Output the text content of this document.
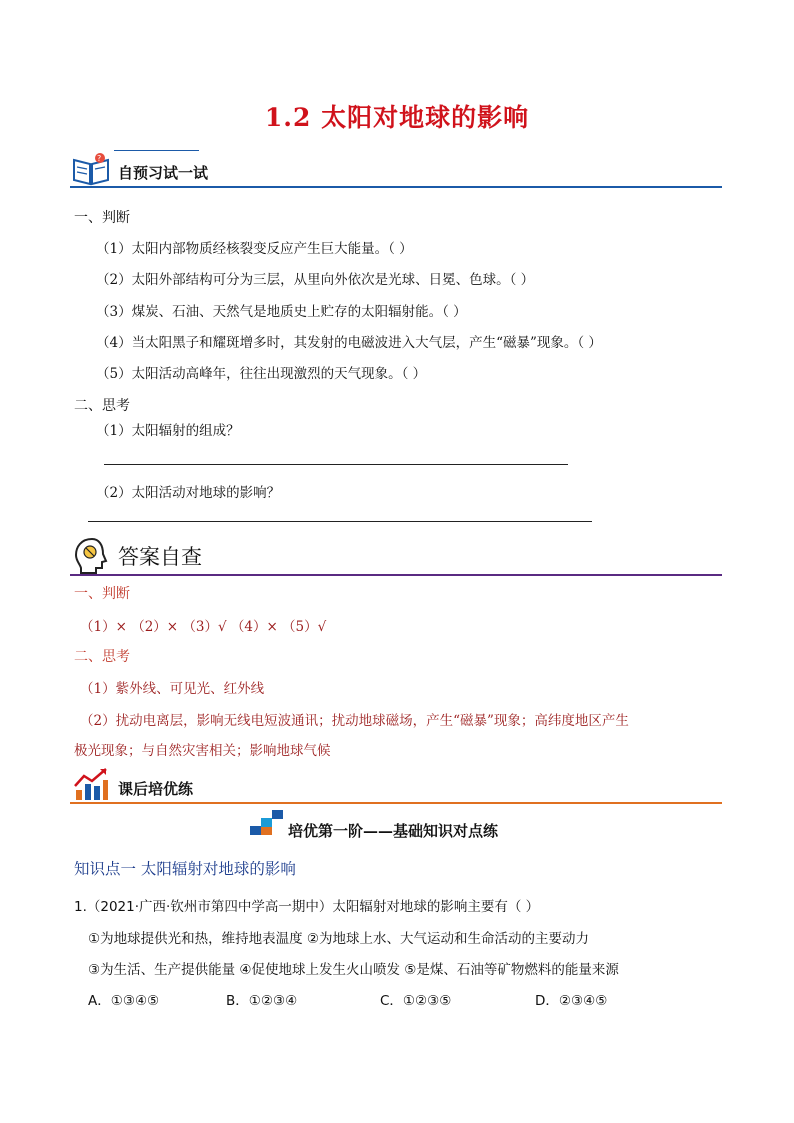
1.2 太阳对地球的影响
?
自预习试一试
一、判断
（1）太阳内部物质经核裂变反应产生巨大能量。（ ）
（2）太阳外部结构可分为三层，从里向外依次是光球、日冕、色球。（ ）
（3）煤炭、石油、天然气是地质史上贮存的太阳辐射能。（ ）
（4）当太阳黑子和耀斑增多时，其发射的电磁波进入大气层，产生“磁暴”现象。（ ）
（5）太阳活动高峰年，往往出现激烈的天气现象。（ ）
二、思考
（1）太阳辐射的组成？
（2）太阳活动对地球的影响？
答案自查
一、判断
（1）× （2）× （3）√ （4）× （5）√
二、思考
（1）紫外线、可见光、红外线
（2）扰动电离层，影响无线电短波通讯；扰动地球磁场，产生“磁暴”现象；高纬度地区产生
极光现象；与自然灾害相关；影响地球气候
课后培优练
培优第一阶——基础知识对点练
知识点一 太阳辐射对地球的影响
1.（2021·广西·钦州市第四中学高一期中）太阳辐射对地球的影响主要有（ ）
①为地球提供光和热，维持地表温度 ②为地球上水、大气运动和生命活动的主要动力
③为生活、生产提供能量 ④促使地球上发生火山喷发 ⑤是煤、石油等矿物燃料的能量来源
A．①③④⑤	B．①②③④	C．①②③⑤	D．②③④⑤
